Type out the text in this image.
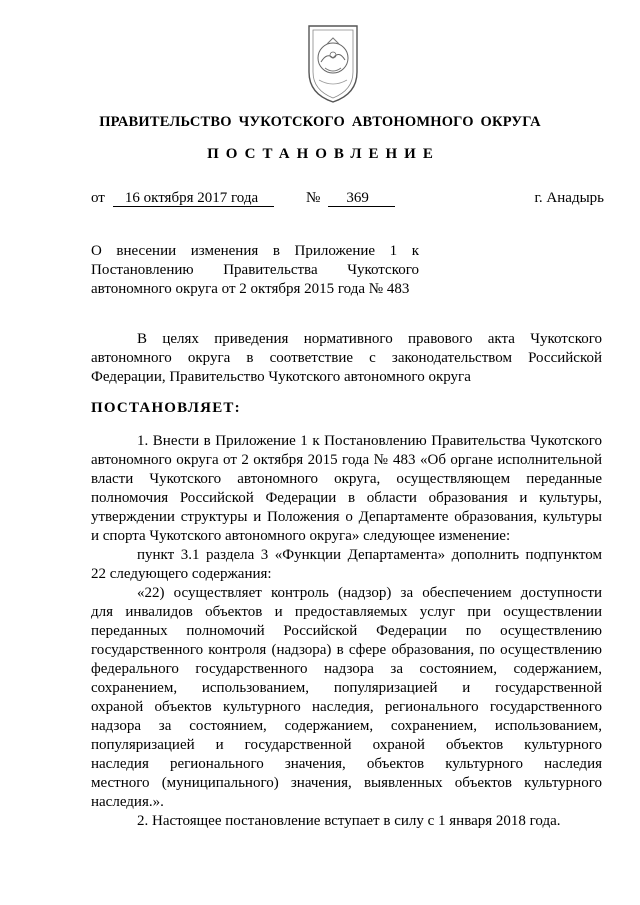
ПРАВИТЕЛЬСТВО ЧУКОТСКОГО АВТОНОМНОГО ОКРУГА
ПОСТАНОВЛЕНИЕ
от 16 октября 2017 года	№ 369	г. Анадырь
О внесении изменения в Приложение 1 к
Постановлению Правительства Чукотского
автономного округа от 2 октября 2015 года № 483
В целях приведения нормативного правового акта Чукотского
автономного округа в соответствие с законодательством Российской
Федерации, Правительство Чукотского автономного округа
ПОСТАНОВЛЯЕТ:
1. Внести в Приложение 1 к Постановлению Правительства Чукотского
автономного округа от 2 октября 2015 года № 483 «Об органе исполнительной
власти Чукотского автономного округа, осуществляющем переданные
полномочия Российской Федерации в области образования и культуры,
утверждении структуры и Положения о Департаменте образования, культуры
и спорта Чукотского автономного округа» следующее изменение:
пункт 3.1 раздела 3 «Функции Департамента» дополнить подпунктом
22 следующего содержания:
«22) осуществляет контроль (надзор) за обеспечением доступности
для инвалидов объектов и предоставляемых услуг при осуществлении
переданных полномочий Российской Федерации по осуществлению
государственного контроля (надзора) в сфере образования, по осуществлению
федерального государственного надзора за состоянием, содержанием,
сохранением, использованием, популяризацией и государственной
охраной объектов культурного наследия, регионального государственного
надзора за состоянием, содержанием, сохранением, использованием,
популяризацией и государственной охраной объектов культурного
наследия регионального значения, объектов культурного наследия
местного (муниципального) значения, выявленных объектов культурного
наследия.».
2. Настоящее постановление вступает в силу с 1 января 2018 года.
